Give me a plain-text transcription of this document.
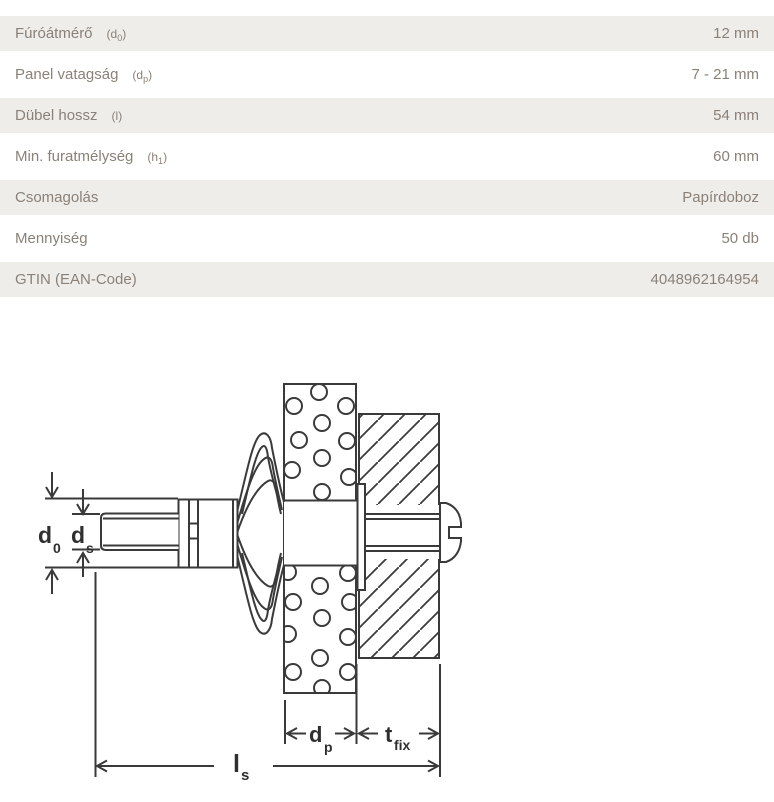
Fúróátmérő $(d_0)$	12 mm
Panel vatagság $(d_p)$	7 - 21 mm
Dübel hossz (l)	54 mm
Min. furatmélység $(h_1)$	60 mm
Csomagolás	Papírdoboz
Mennyiség	50 db
GTIN (EAN-Code)	4048962164954
d 0 d s
d p t fix
l s
